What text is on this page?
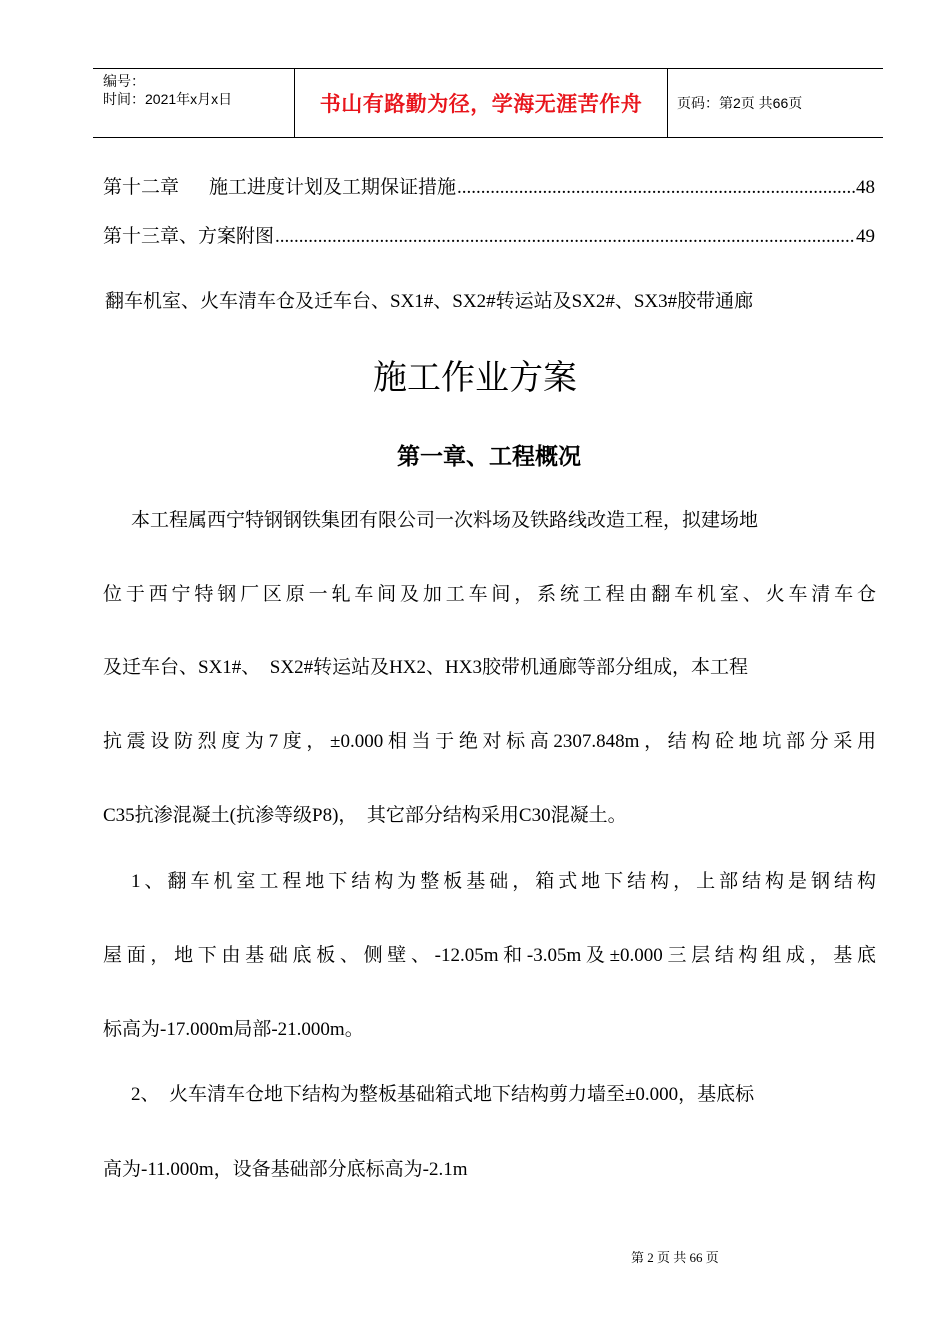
编号：
时间：2021年x月x日	书山有路勤为径，学海无涯苦作舟	页码：第2页 共66页
第十二章 施工进度计划及工期保证措施 .....	48
第十三章、方案附图 .....	49
翻车机室、火车清车仓及迁车台、SX1#、SX2#转运站及SX2#、SX3#胶带通廊
施工作业方案
第一章、工程概况
本工程属西宁特钢钢铁集团有限公司一次料场及铁路线改造工程，拟建场地
位于西宁特钢厂区原一轧车间及加工车间，系统工程由翻车机室、火车清车仓
及迁车台、SX1#、  SX2#转运站及HX2、HX3胶带机通廊等部分组成，本工程
抗震设防烈度为7度，±0.000相当于绝对标高2307.848m，结构砼地坑部分采用
C35抗渗混凝土(抗渗等级P8)，  其它部分结构采用C30混凝土。
1、翻车机室工程地下结构为整板基础，箱式地下结构，上部结构是钢结构
屋面，地下由基础底板、侧壁、-12.05m和-3.05m及±0.000三层结构组成，基底
标高为-17.000m局部-21.000m。
2、  火车清车仓地下结构为整板基础箱式地下结构剪力墙至±0.000，基底标
高为-11.000m，设备基础部分底标高为-2.1m
第 2 页 共 66 页
